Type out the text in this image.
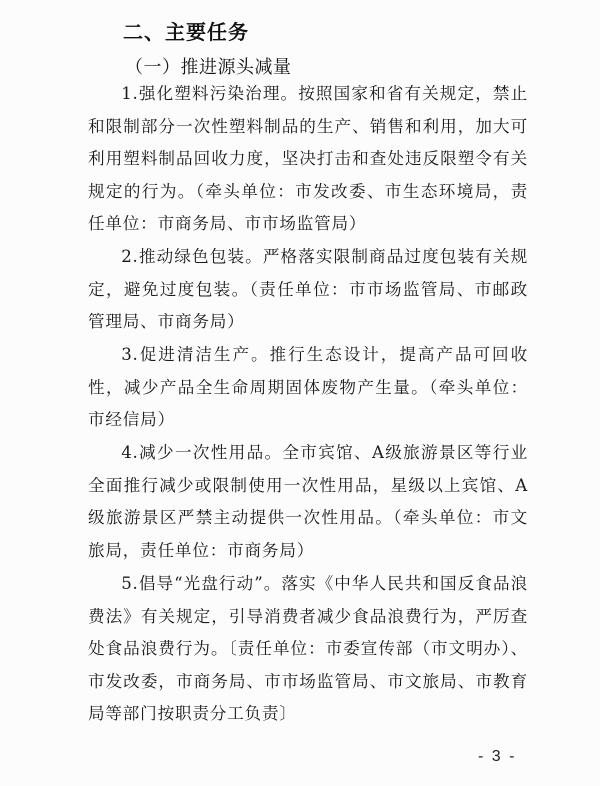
二、主要任务
（一）推进源头减量

1.强化塑料污染治理。按照国家和省有关规定，禁止和限制部分一次性塑料制品的生产、销售和利用，加大可利用塑料制品回收力度，坚决打击和查处违反限塑令有关规定的行为。（牵头单位：市发改委、市生态环境局，责任单位：市商务局、市市场监管局）

2.推动绿色包装。严格落实限制商品过度包装有关规定，避免过度包装。（责任单位：市市场监管局、市邮政管理局、市商务局）

3.促进清洁生产。推行生态设计，提高产品可回收性，减少产品全生命周期固体废物产生量。（牵头单位：市经信局）

4.减少一次性用品。全市宾馆、A级旅游景区等行业全面推行减少或限制使用一次性用品，星级以上宾馆、A级旅游景区严禁主动提供一次性用品。（牵头单位：市文旅局，责任单位：市商务局）

5.倡导“光盘行动”。落实《中华人民共和国反食品浪费法》有关规定，引导消费者减少食品浪费行为，严厉查处食品浪费行为。〔责任单位：市委宣传部（市文明办）、市发改委，市商务局、市市场监管局、市文旅局、市教育局等部门按职责分工负责〕

- 3 -
